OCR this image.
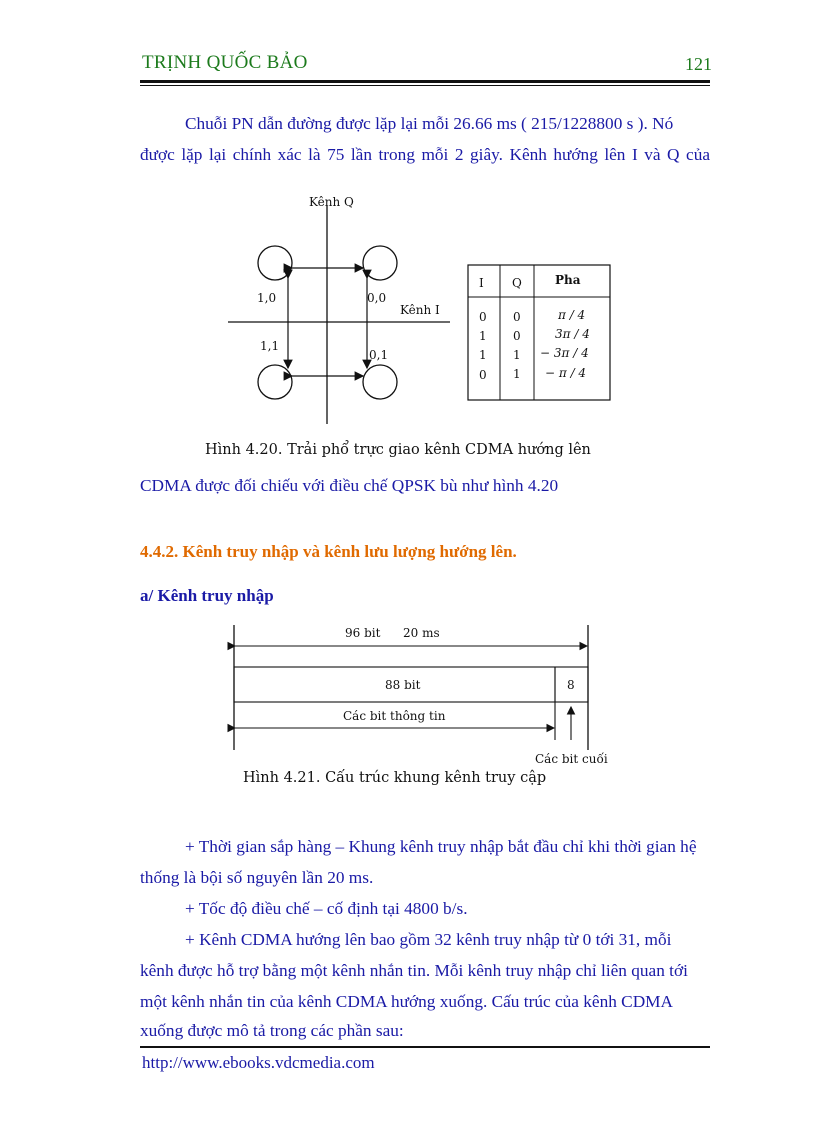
TRỊNH QUỐC BẢO	121
Chuỗi PN dẫn đường được lặp lại mỗi 26.66 ms ( 215/1228800 s ). Nó
được lặp lại chính xác là 75 lần trong mỗi 2 giây. Kênh hướng lên I và Q của
Kênh Q
Kênh I
1,0	0,0
1,1
0,1
I Q	Pha
0 0	π / 4
1 0	3π / 4
1 1 − 3π / 4
0 1 − π / 4
Hình 4.20. Trải phổ trực giao kênh CDMA hướng lên
CDMA được đối chiếu với điều chế QPSK bù như hình 4.20
4.4.2. Kênh truy nhập và kênh lưu lượng hướng lên.
a/ Kênh truy nhập
96 bit 20 ms
88 bit	8
Các bit thông tin
Các bit cuối
Hình 4.21. Cấu trúc khung kênh truy cập
+ Thời gian sắp hàng – Khung kênh truy nhập bắt đầu chỉ khi thời gian hệ
thống là bội số nguyên lần 20 ms.
+ Tốc độ điều chế – cố định tại 4800 b/s.
+ Kênh CDMA hướng lên bao gồm 32 kênh truy nhập từ 0 tới 31, mỗi
kênh được hỗ trợ bằng một kênh nhắn tin. Mỗi kênh truy nhập chỉ liên quan tới
một kênh nhắn tin của kênh CDMA hướng xuống. Cấu trúc của kênh CDMA
xuống được mô tả trong các phần sau:
http://www.ebooks.vdcmedia.com
